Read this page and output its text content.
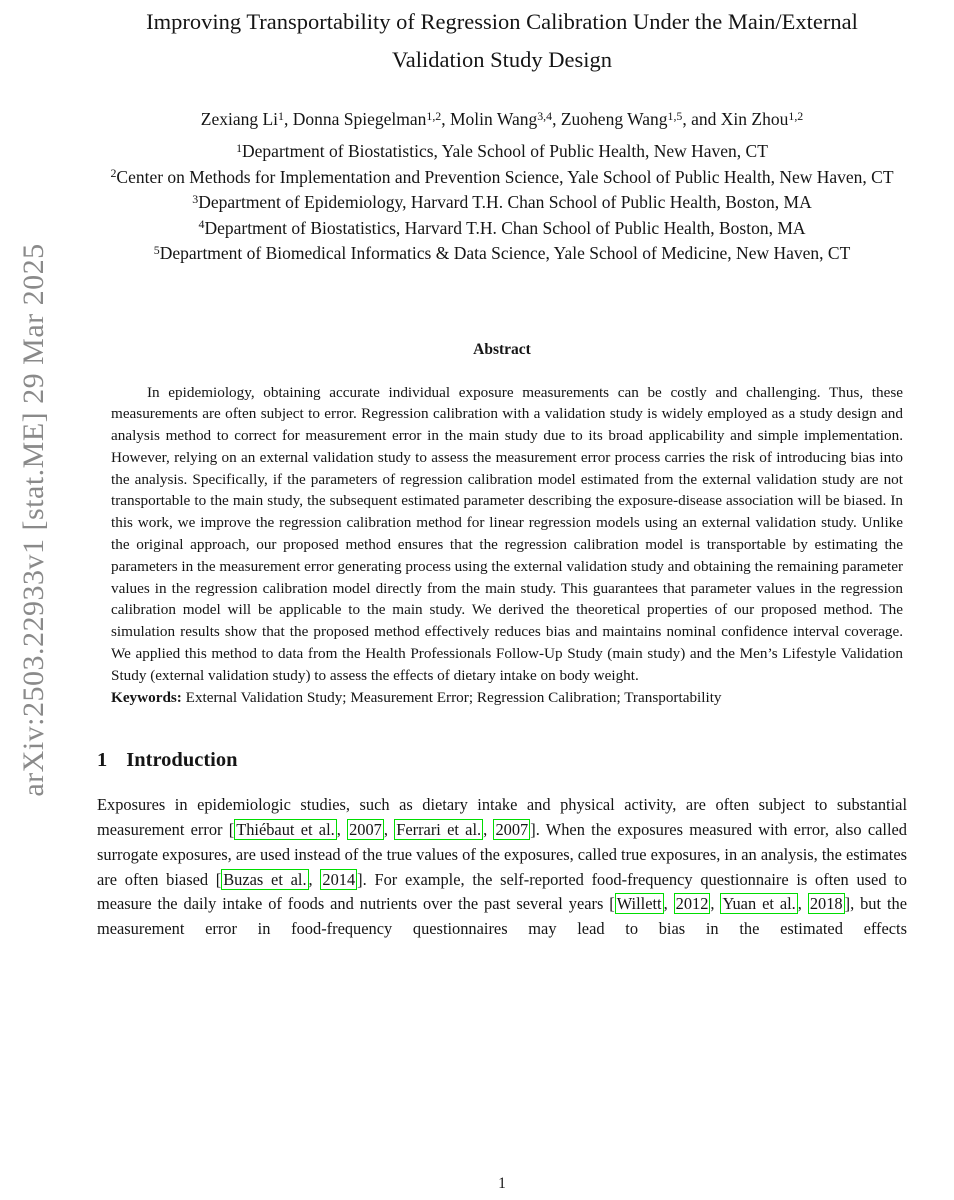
arXiv:2503.22933v1 [stat.ME] 29 Mar 2025
Improving Transportability of Regression Calibration Under the Main/External Validation Study Design
Zexiang Li$^1$, Donna Spiegelman$^{1,2}$, Molin Wang$^{3,4}$, Zuoheng Wang$^{1,5}$, and Xin Zhou$^{1,2}$
$^1$Department of Biostatistics, Yale School of Public Health, New Haven, CT
$^2$Center on Methods for Implementation and Prevention Science, Yale School of Public Health, New Haven, CT
$^3$Department of Epidemiology, Harvard T.H. Chan School of Public Health, Boston, MA
$^4$Department of Biostatistics, Harvard T.H. Chan School of Public Health, Boston, MA
$^5$Department of Biomedical Informatics & Data Science, Yale School of Medicine, New Haven, CT
Abstract

In epidemiology, obtaining accurate individual exposure measurements can be costly and challenging. Thus, these measurements are often subject to error. Regression calibration with a validation study is widely employed as a study design and analysis method to correct for measurement error in the main study due to its broad applicability and simple implementation. However, relying on an external validation study to assess the measurement error process carries the risk of introducing bias into the analysis. Specifically, if the parameters of regression calibration model estimated from the external validation study are not transportable to the main study, the subsequent estimated parameter describing the exposure-disease association will be biased. In this work, we improve the regression calibration method for linear regression models using an external validation study. Unlike the original approach, our proposed method ensures that the regression calibration model is transportable by estimating the parameters in the measurement error generating process using the external validation study and obtaining the remaining parameter values in the regression calibration model directly from the main study. This guarantees that parameter values in the regression calibration model will be applicable to the main study. We derived the theoretical properties of our proposed method. The simulation results show that the proposed method effectively reduces bias and maintains nominal confidence interval coverage. We applied this method to data from the Health Professionals Follow-Up Study (main study) and the Men’s Lifestyle Validation Study (external validation study) to assess the effects of dietary intake on body weight.

Keywords: External Validation Study; Measurement Error; Regression Calibration; Transportability

1 Introduction

Exposures in epidemiologic studies, such as dietary intake and physical activity, are often subject to substantial measurement error [ Thiébaut et al. , 2007 , Ferrari et al. , 2007 ]. When the exposures measured with error, also called surrogate exposures, are used instead of the true values of the exposures, called true exposures, in an analysis, the estimates are often biased [ Buzas et al. , 2014 ]. For example, the self-reported food-frequency questionnaire is often used to measure the daily intake of foods and nutrients over the past several years [ Willett , 2012 , Yuan et al. , 2018 ], but the measurement error in food-frequency questionnaires may lead to bias in the estimated effects

1
